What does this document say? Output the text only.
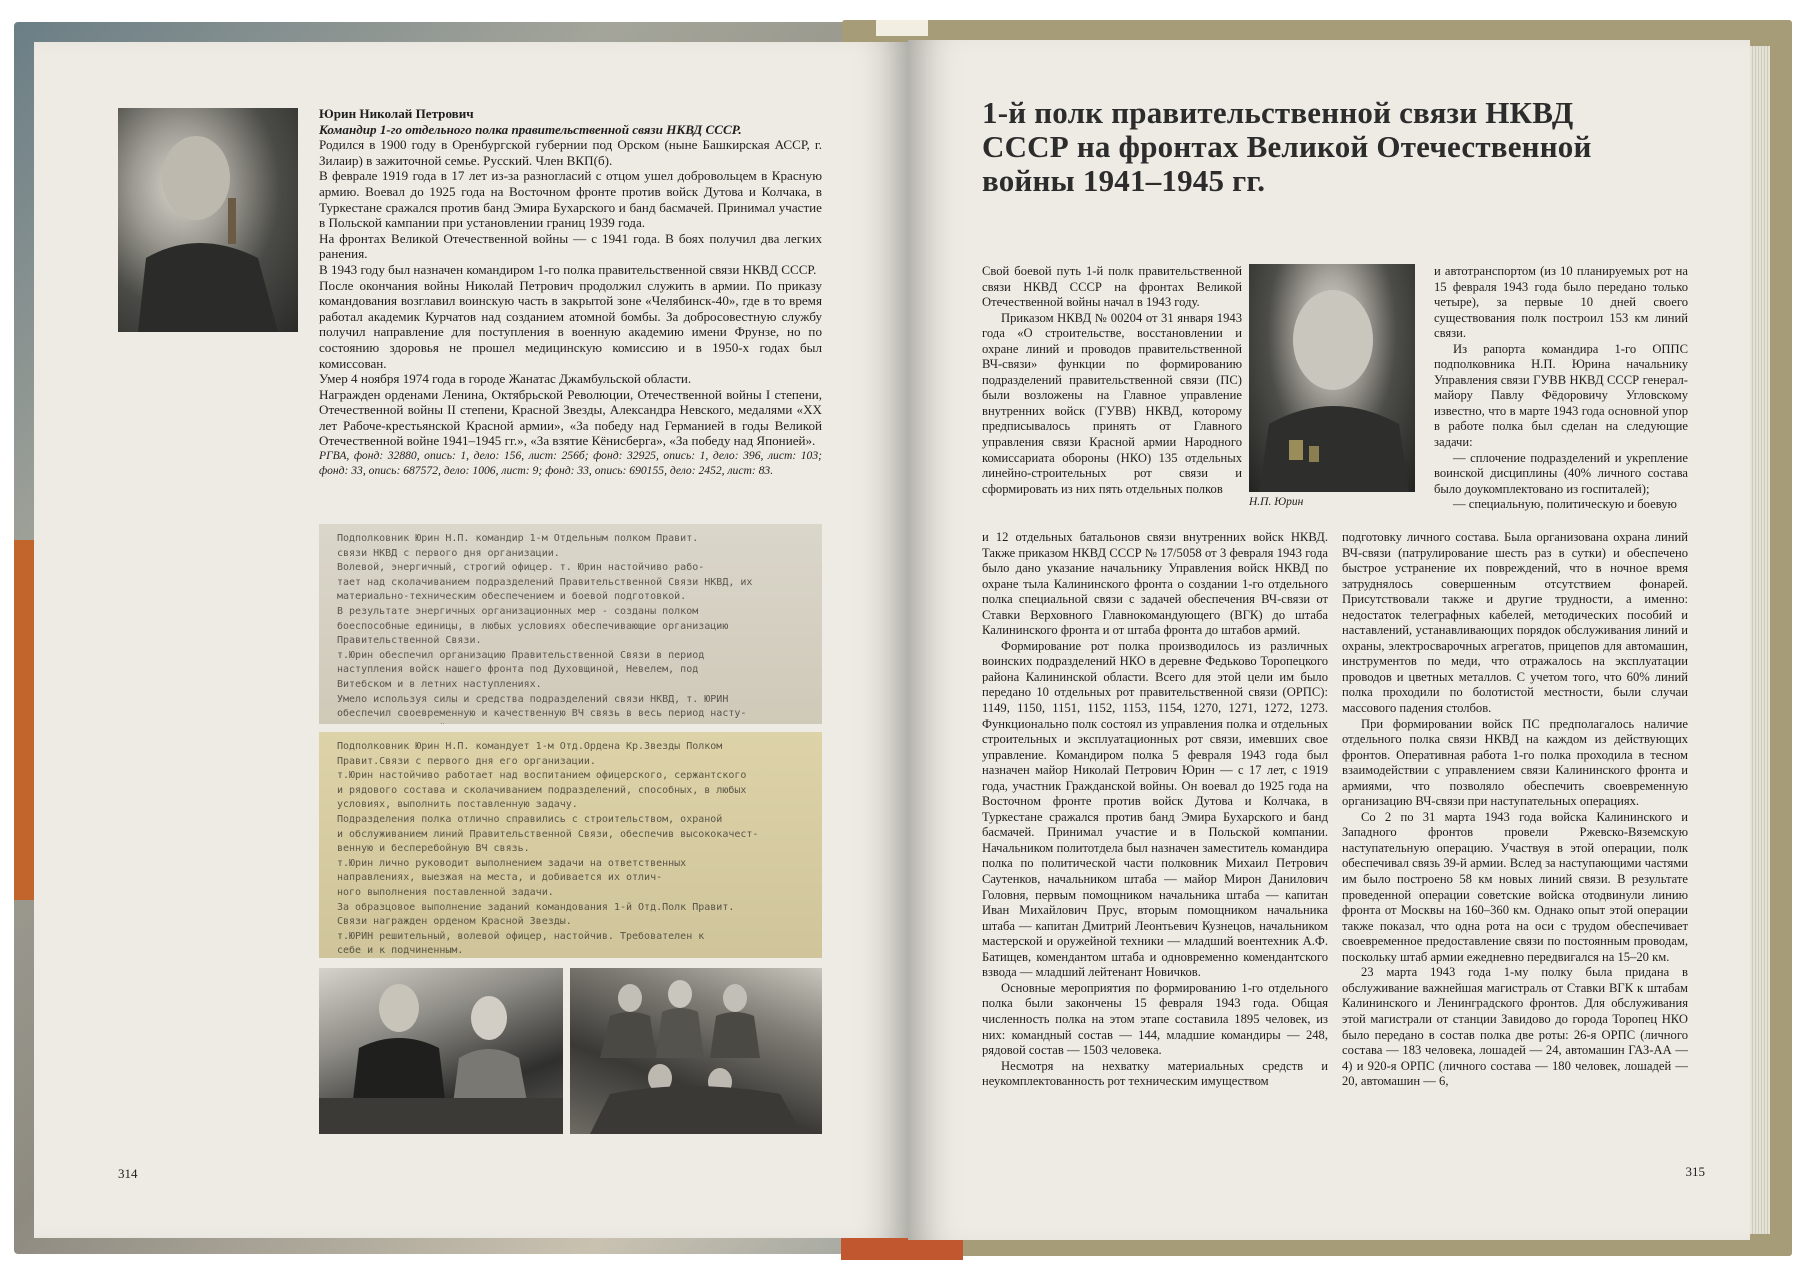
Юрин Николай Петрович

Командир 1-го отдельного полка правительственной связи НКВД СССР.

Родился в 1900 году в Оренбургской губернии под Орском (ныне Башкирская АССР, г. Зилаир) в зажиточной семье. Русский. Член ВКП(б).

В феврале 1919 года в 17 лет из-за разногласий с отцом ушел добровольцем в Красную армию. Воевал до 1925 года на Восточном фронте против войск Дутова и Колчака, в Туркестане сражался против банд Эмира Бухарского и банд басмачей. Принимал участие в Польской кампании при установлении границ 1939 года.

На фронтах Великой Отечественной войны — с 1941 года. В боях получил два легких ранения.

В 1943 году был назначен командиром 1-го полка правительственной связи НКВД СССР.

После окончания войны Николай Петрович продолжил служить в армии. По приказу командования возглавил воинскую часть в закрытой зоне «Челябинск-40», где в то время работал академик Курчатов над созданием атомной бомбы. За добросовестную службу получил направление для поступления в военную академию имени Фрунзе, но по состоянию здоровья не прошел медицинскую комиссию и в 1950-х годах был комиссован.

Умер 4 ноября 1974 года в городе Жанатас Джамбульской области.

Награжден орденами Ленина, Октябрьской Революции, Отечественной войны I степени, Отечественной войны II степени, Красной Звезды, Александра Невского, медалями «XX лет Рабоче-крестьянской Красной армии», «За победу над Германией в годы Великой Отечественной войне 1941–1945 гг.», «За взятие Кёнисберга», «За победу над Японией».

РГВА, фонд: 32880, опись: 1, дело: 156, лист: 256б; фонд: 32925, опись: 1, дело: 396, лист: 103; фонд: 33, опись: 687572, дело: 1006, лист: 9; фонд: 33, опись: 690155, дело: 2452, лист: 83.

Подполковник Юрин Н.П. командир 1-м Отдельным полком Правит.
связи НКВД с первого дня организации.
Волевой, энергичный, строгий офицер. т. Юрин настойчиво рабо-
тает над сколачиванием подразделений Правительственной Связи НКВД, их
материально-техническим обеспечением и боевой подготовкой.
В результате энергичных организационных мер - созданы полком
боеспособные единицы, в любых условиях обеспечивающие организацию
Правительственной Связи.
т.Юрин обеспечил организацию Правительственной Связи в период
наступления войск нашего фронта под Духовщиной, Невелем, под
Витебском и в летних наступлениях.
Умело используя силы и средства подразделений связи НКВД, т. ЮРИН
обеспечил своевременную и качественную ВЧ связь в весь период насту-
Подполковник Юрин Н.П. командует 1-м Отд.Ордена Кр.Звезды Полком
Правит.Связи с первого дня его организации.
т.Юрин настойчиво работает над воспитанием офицерского, сержантского
и рядового состава и сколачиванием подразделений, способных, в любых
условиях, выполнить поставленную задачу.
Подразделения полка отлично справились с строительством, охраной
и обслуживанием линий Правительственной Связи, обеспечив высококачест-
венную и бесперебойную ВЧ связь.
т.Юрин лично руководит выполнением задачи на ответственных
направлениях, выезжая на места, и добивается их отлич-
ного выполнения поставленной задачи.
За образцовое выполнение заданий командования 1-й Отд.Полк Правит.
Связи награжден орденом Красной Звезды.
т.ЮРИН решительный, волевой офицер, настойчив. Требователен к
себе и к подчиненным.
314
1-й полк правительственной связи НКВД СССР на фронтах Великой Отечественной войны 1941–1945 гг.

Свой боевой путь 1-й полк правительственной связи НКВД СССР на фронтах Великой Отечественной войны начал в 1943 году.

Приказом НКВД № 00204 от 31 января 1943 года «О строительстве, восстановлении и охране линий и проводов правительственной ВЧ-связи» функции по формированию подразделений правительственной связи (ПС) были возложены на Главное управление внутренних войск (ГУВВ) НКВД, которому предписывалось принять от Главного управления связи Красной армии Народного комиссариата обороны (НКО) 135 отдельных линейно-строительных рот связи и сформировать из них пять отдельных полков

Н.П. Юрин

и автотранспортом (из 10 планируемых рот на 15 февраля 1943 года было передано только четыре), за первые 10 дней своего существования полк построил 153 км линий связи.

Из рапорта командира 1-го ОППС подполковника Н.П. Юрина начальнику Управления связи ГУВВ НКВД СССР генерал-майору Павлу Фёдоровичу Угловскому известно, что в марте 1943 года основной упор в работе полка был сделан на следующие задачи:

— сплочение подразделений и укрепление воинской дисциплины (40% личного состава было доукомплектовано из госпиталей);

— специальную, политическую и боевую

и 12 отдельных батальонов связи внутренних войск НКВД. Также приказом НКВД СССР № 17/5058 от 3 февраля 1943 года было дано указание начальнику Управления войск НКВД по охране тыла Калининского фронта о создании 1-го отдельного полка специальной связи с задачей обеспечения ВЧ-связи от Ставки Верховного Главнокомандующего (ВГК) до штаба Калининского фронта и от штаба фронта до штабов армий.

Формирование рот полка производилось из различных воинских подразделений НКО в деревне Федьково Торопецкого района Калининской области. Всего для этой цели им было передано 10 отдельных рот правительственной связи (ОРПС): 1149, 1150, 1151, 1152, 1153, 1154, 1270, 1271, 1272, 1273. Функционально полк состоял из управления полка и отдельных строительных и эксплуатационных рот связи, имевших свое управление. Командиром полка 5 февраля 1943 года был назначен майор Николай Петрович Юрин — с 17 лет, с 1919 года, участник Гражданской войны. Он воевал до 1925 года на Восточном фронте против войск Дутова и Колчака, в Туркестане сражался против банд Эмира Бухарского и банд басмачей. Принимал участие и в Польской компании. Начальником политотдела был назначен заместитель командира полка по политической части полковник Михаил Петрович Саутенков, начальником штаба — майор Мирон Данилович Головня, первым помощником начальника штаба — капитан Иван Михайлович Прус, вторым помощником начальника штаба — капитан Дмитрий Леонтьевич Кузнецов, начальником мастерской и оружейной техники — младший воентехник А.Ф. Батищев, комендантом штаба и одновременно комендантского взвода — младший лейтенант Новичков.

Основные мероприятия по формированию 1-го отдельного полка были закончены 15 февраля 1943 года. Общая численность полка на этом этапе составила 1895 человек, из них: командный состав — 144, младшие командиры — 248, рядовой состав — 1503 человека.

Несмотря на нехватку материальных средств и неукомплектованность рот техническим имуществом

подготовку личного состава. Была организована охрана линий ВЧ-связи (патрулирование шесть раз в сутки) и обеспечено быстрое устранение их повреждений, что в ночное время затруднялось совершенным отсутствием фонарей. Присутствовали также и другие трудности, а именно: недостаток телеграфных кабелей, методических пособий и наставлений, устанавливающих порядок обслуживания линий и охраны, электросварочных агрегатов, прицепов для автомашин, инструментов по меди, что отражалось на эксплуатации проводов и цветных металлов. С учетом того, что 60% линий полка проходили по болотистой местности, были случаи массового падения столбов.

При формировании войск ПС предполагалось наличие отдельного полка связи НКВД на каждом из действующих фронтов. Оперативная работа 1-го полка проходила в тесном взаимодействии с управлением связи Калининского фронта и армиями, что позволяло обеспечить своевременную организацию ВЧ-связи при наступательных операциях.

Со 2 по 31 марта 1943 года войска Калининского и Западного фронтов провели Ржевско-Вяземскую наступательную операцию. Участвуя в этой операции, полк обеспечивал связь 39-й армии. Вслед за наступающими частями им было построено 58 км новых линий связи. В результате проведенной операции советские войска отодвинули линию фронта от Москвы на 160–360 км. Однако опыт этой операции также показал, что одна рота на оси с трудом обеспечивает своевременное предоставление связи по постоянным проводам, поскольку штаб армии ежедневно передвигался на 15–20 км.

23 марта 1943 года 1-му полку была придана в обслуживание важнейшая магистраль от Ставки ВГК к штабам Калининского и Ленинградского фронтов. Для обслуживания этой магистрали от станции Завидово до города Торопец НКО было передано в состав полка две роты: 26-я ОРПС (личного состава — 183 человека, лошадей — 24, автомашин ГАЗ-АА — 4) и 920-я ОРПС (личного состава — 180 человек, лошадей — 20, автомашин — 6,

315
